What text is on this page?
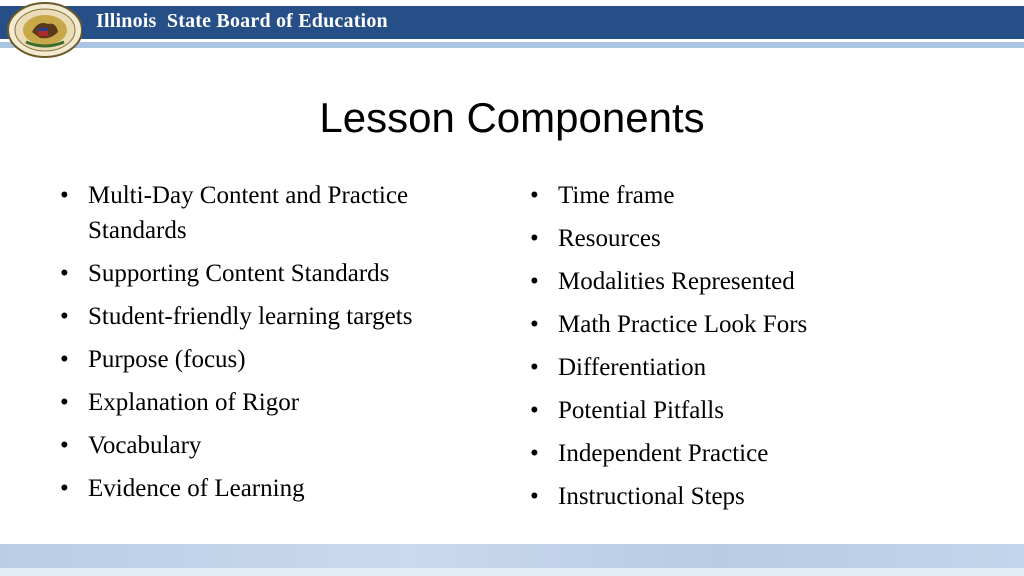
Illinois  State Board of Education
Lesson Components
• Multi-Day Content and Practice Standards
• Supporting Content Standards
• Student-friendly learning targets
• Purpose (focus)
• Explanation of Rigor
• Vocabulary
• Evidence of Learning
• Time frame
• Resources
• Modalities Represented
• Math Practice Look Fors
• Differentiation
• Potential Pitfalls
• Independent Practice
• Instructional Steps
